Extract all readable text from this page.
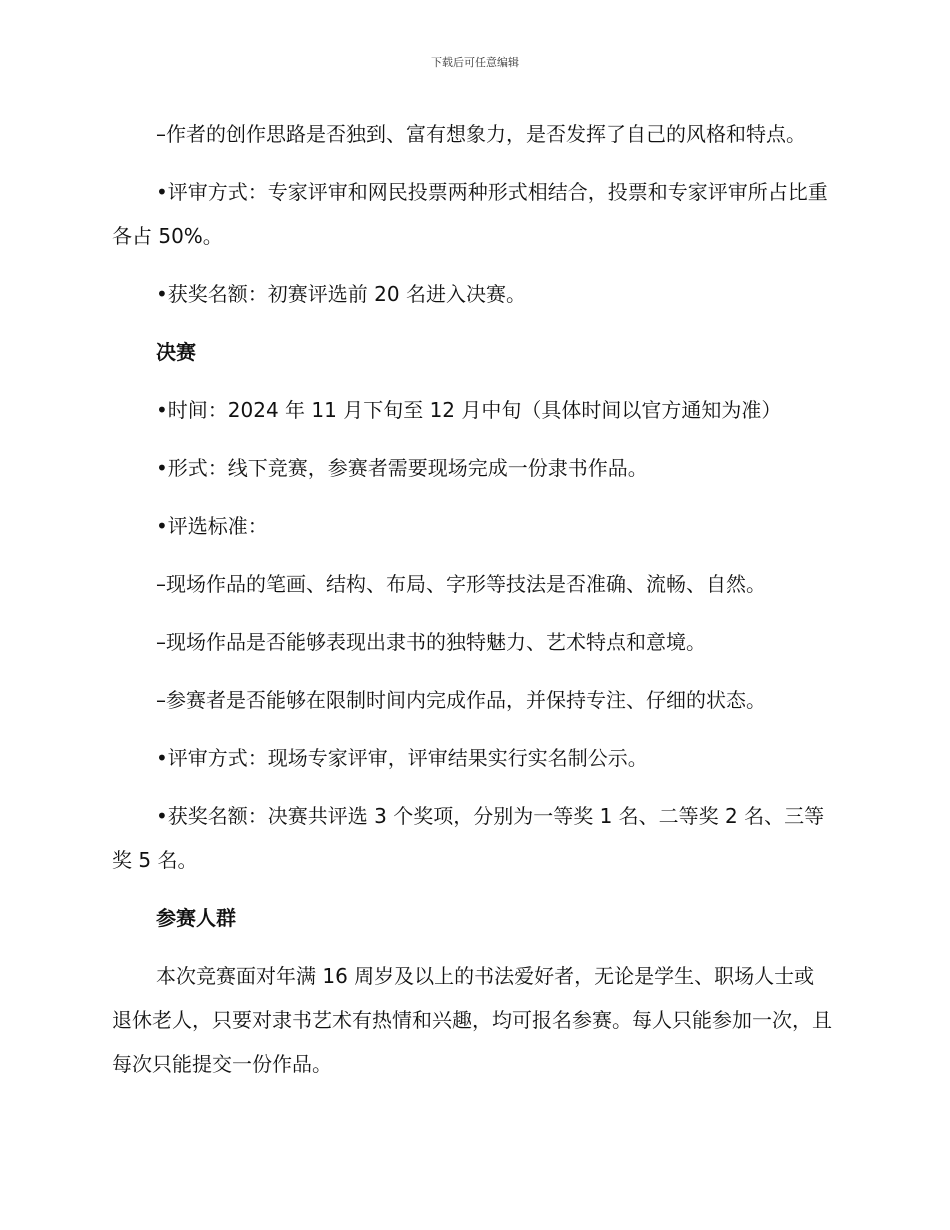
下载后可任意编辑

–作者的创作思路是否独到、富有想象力，是否发挥了自己的风格和特点。

•评审方式：专家评审和网民投票两种形式相结合，投票和专家评审所占比重各占 50%。

•获奖名额：初赛评选前 20 名进入决赛。

决赛

•时间：2024 年 11 月下旬至 12 月中旬（具体时间以官方通知为准）

•形式：线下竞赛，参赛者需要现场完成一份隶书作品。

•评选标准：

–现场作品的笔画、结构、布局、字形等技法是否准确、流畅、自然。

–现场作品是否能够表现出隶书的独特魅力、艺术特点和意境。

–参赛者是否能够在限制时间内完成作品，并保持专注、仔细的状态。

•评审方式：现场专家评审，评审结果实行实名制公示。

•获奖名额：决赛共评选 3 个奖项，分别为一等奖 1 名、二等奖 2 名、三等奖 5 名。

参赛人群

本次竞赛面对年满 16 周岁及以上的书法爱好者，无论是学生、职场人士或退休老人，只要对隶书艺术有热情和兴趣，均可报名参赛。每人只能参加一次，且每次只能提交一份作品。
